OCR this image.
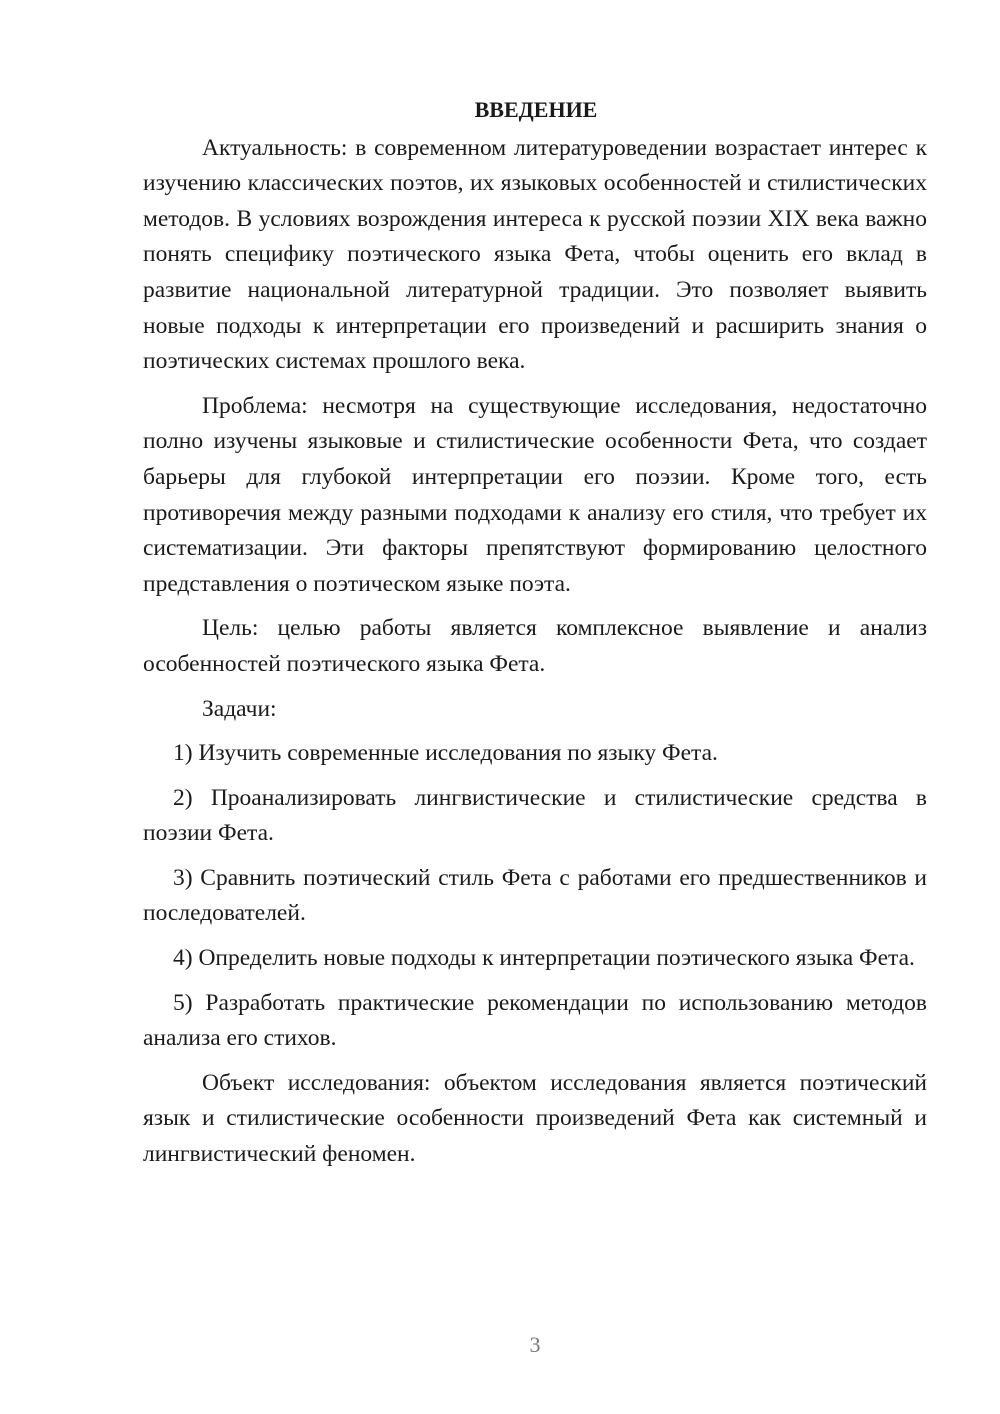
ВВЕДЕНИЕ

Актуальность: в современном литературоведении возрастает интерес к изучению классических поэтов, их языковых особенностей и стилистических методов. В условиях возрождения интереса к русской поэзии XIX века важно понять специфику поэтического языка Фета, чтобы оценить его вклад в развитие национальной литературной традиции. Это позволяет выявить новые подходы к интерпретации его произведений и расширить знания о поэтических системах прошлого века.

Проблема: несмотря на существующие исследования, недостаточно полно изучены языковые и стилистические особенности Фета, что создает барьеры для глубокой интерпретации его поэзии. Кроме того, есть противоречия между разными подходами к анализу его стиля, что требует их систематизации. Эти факторы препятствуют формированию целостного представления о поэтическом языке поэта.

Цель: целью работы является комплексное выявление и анализ особенностей поэтического языка Фета.

Задачи:

1) Изучить современные исследования по языку Фета.

2) Проанализировать лингвистические и стилистические средства в поэзии Фета.

3) Сравнить поэтический стиль Фета с работами его предшественников и последователей.

4) Определить новые подходы к интерпретации поэтического языка Фета.

5) Разработать практические рекомендации по использованию методов анализа его стихов.

Объект исследования: объектом исследования является поэтический язык и стилистические особенности произведений Фета как системный и лингвистический феномен.

3
